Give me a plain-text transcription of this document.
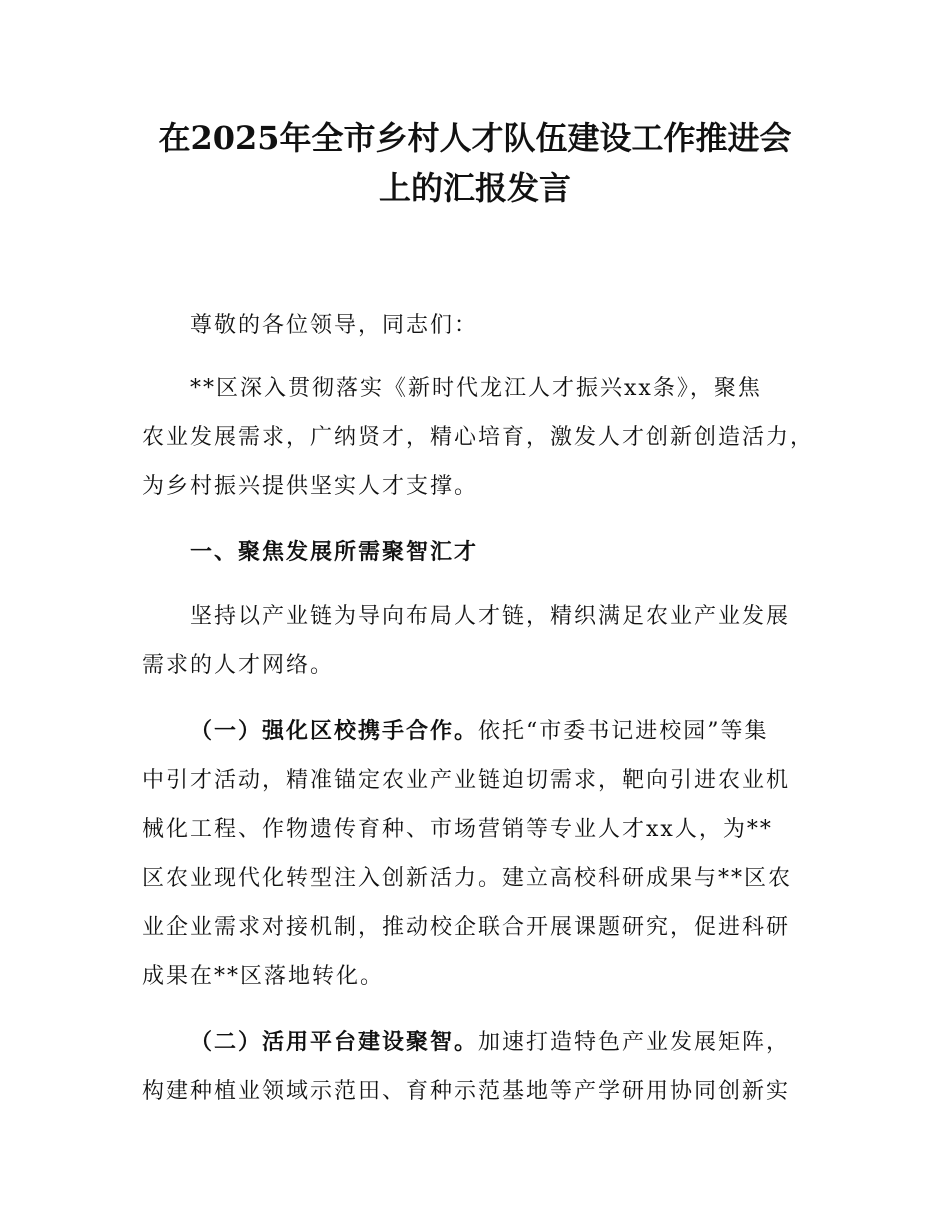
在2025年全市乡村人才队伍建设工作推进会
上的汇报发言

尊敬的各位领导，同志们：

**区深入贯彻落实《新时代龙江人才振兴xx条》，聚焦

农业发展需求，广纳贤才，精心培育，激发人才创新创造活力，

为乡村振兴提供坚实人才支撑。

一、聚焦发展所需聚智汇才

坚持以产业链为导向布局人才链，精织满足农业产业发展

需求的人才网络。

（一）强化区校携手合作。依托“市委书记进校园”等集

中引才活动，精准锚定农业产业链迫切需求，靶向引进农业机

械化工程、作物遗传育种、市场营销等专业人才xx人，为**

区农业现代化转型注入创新活力。建立高校科研成果与**区农

业企业需求对接机制，推动校企联合开展课题研究，促进科研

成果在**区落地转化。

（二）活用平台建设聚智。加速打造特色产业发展矩阵，

构建种植业领域示范田、育种示范基地等产学研用协同创新实
